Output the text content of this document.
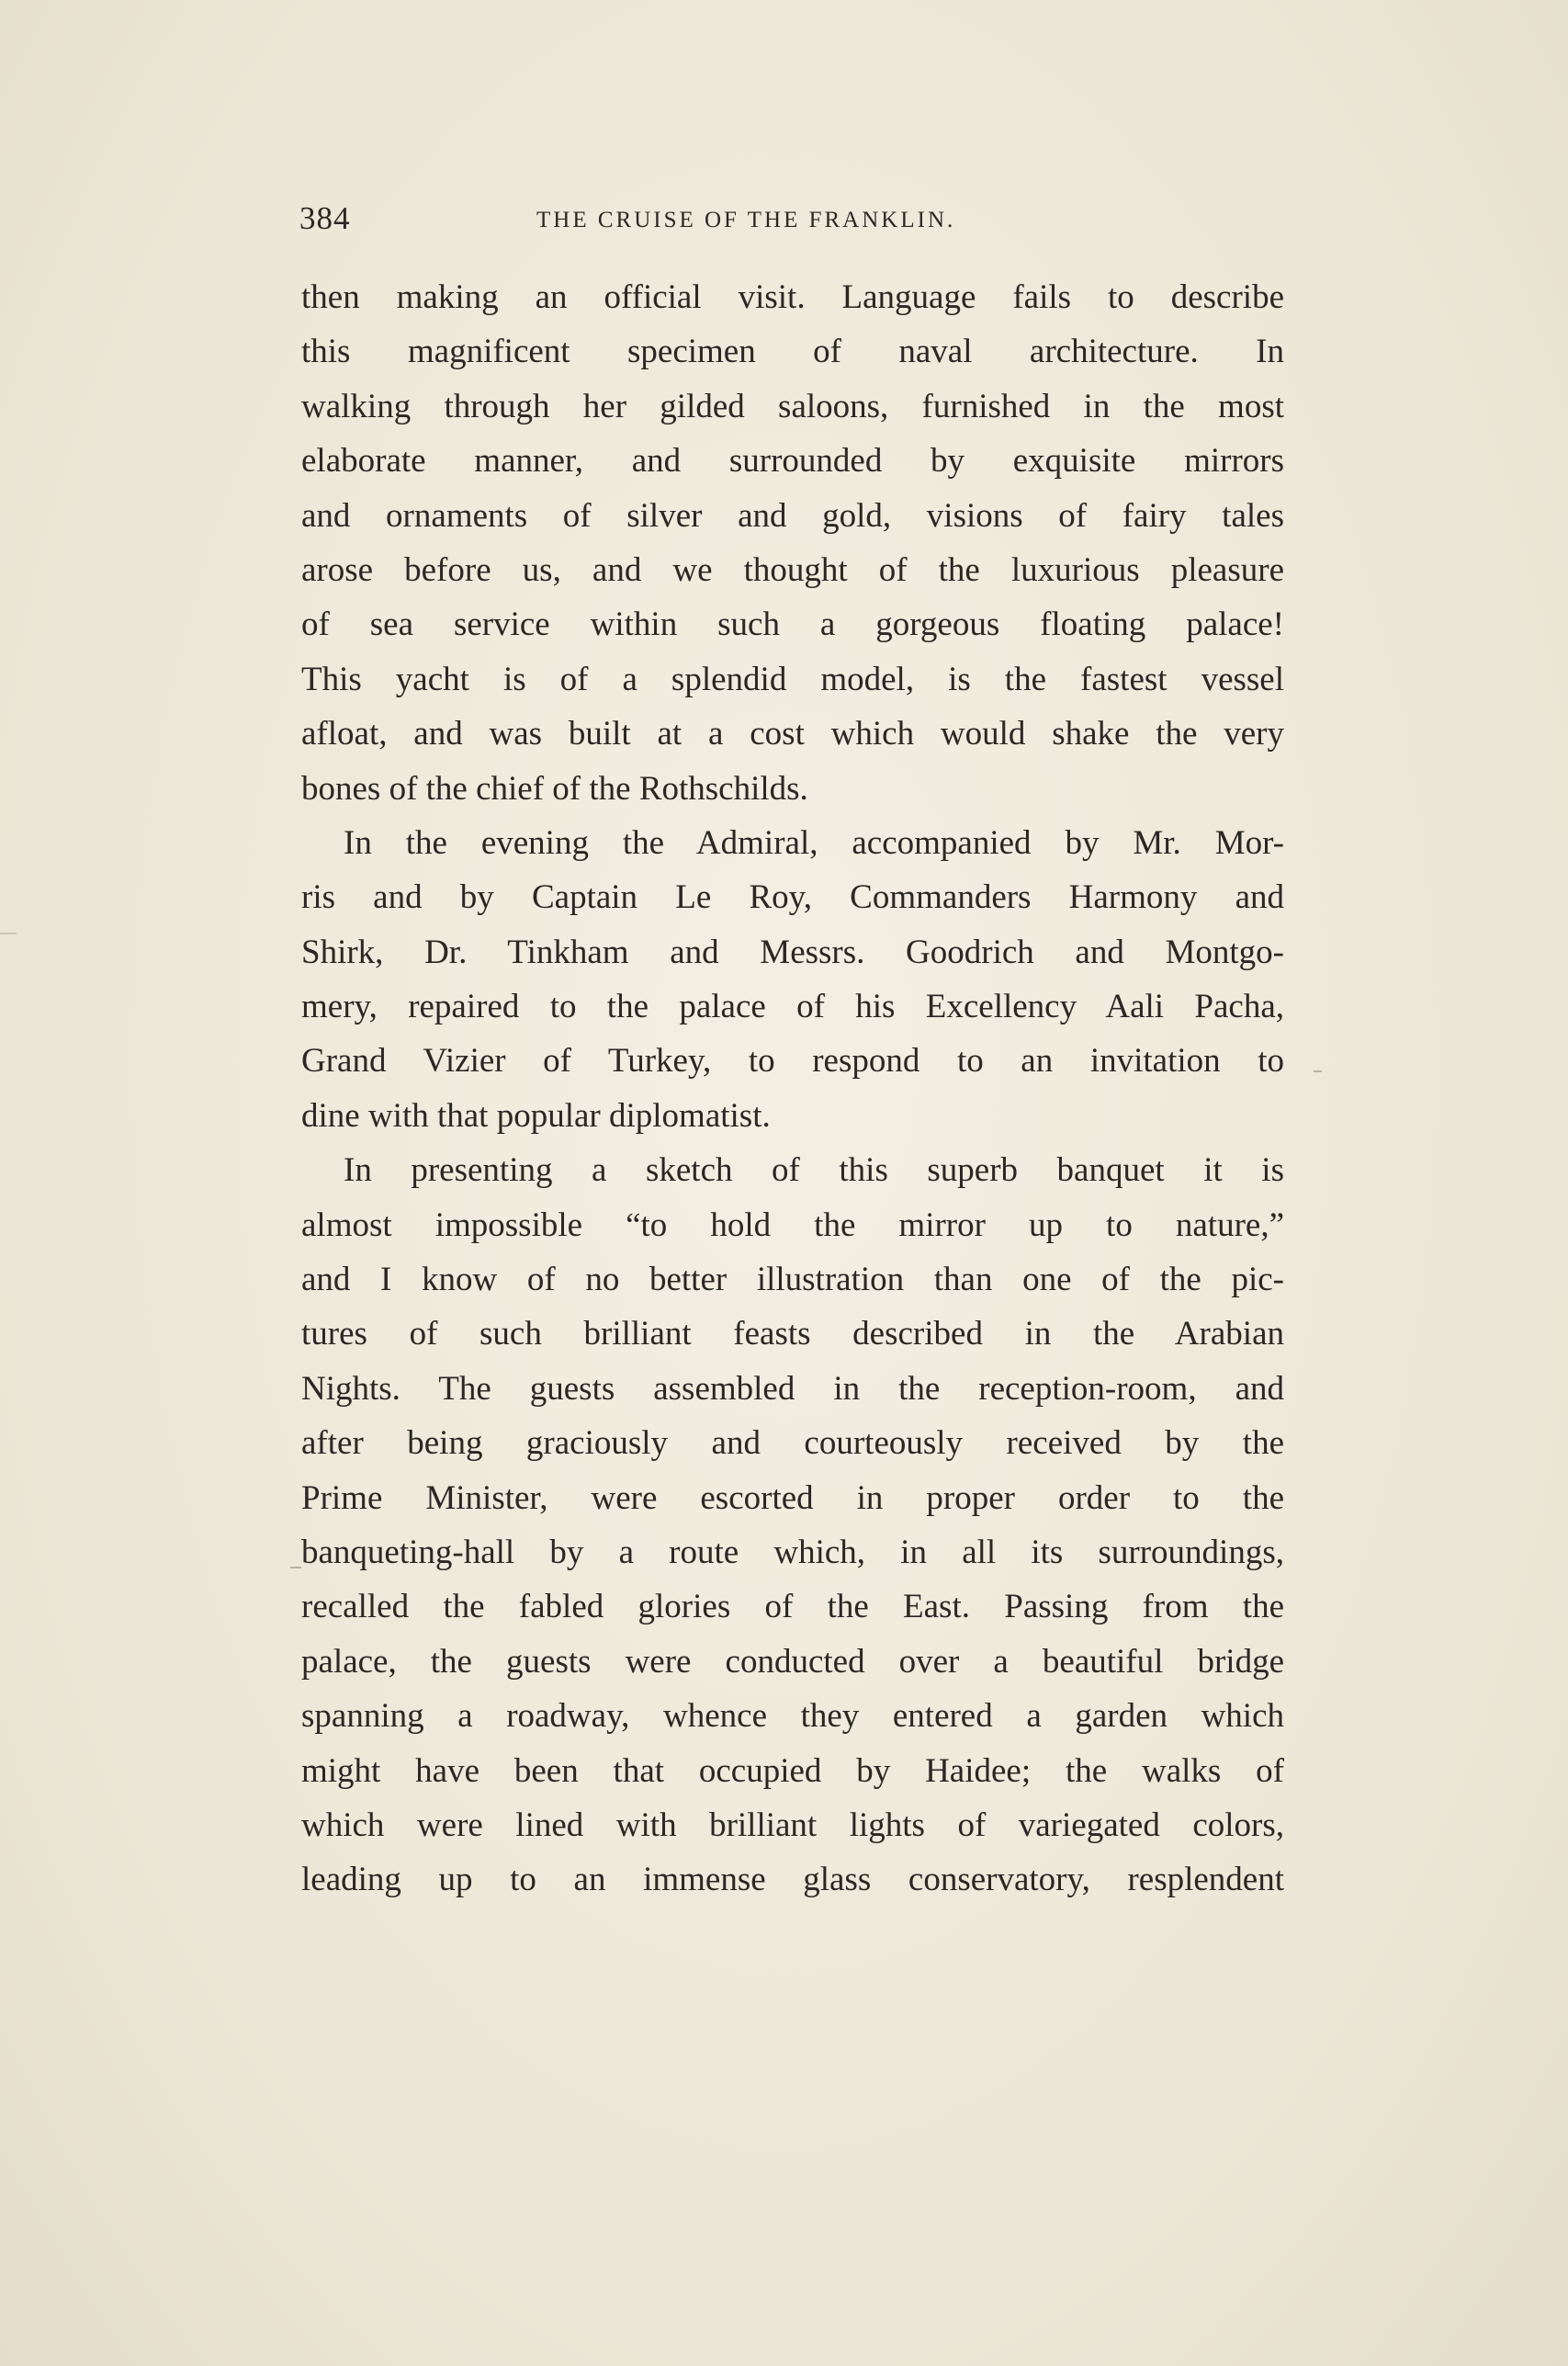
384	THE CRUISE OF THE FRANKLIN.
then making an official visit. Language fails to describe
this magnificent specimen of naval architecture. In
walking through her gilded saloons, furnished in the most
elaborate manner, and surrounded by exquisite mirrors
and ornaments of silver and gold, visions of fairy tales
arose before us, and we thought of the luxurious pleasure
of sea service within such a gorgeous floating palace!
This yacht is of a splendid model, is the fastest vessel
afloat, and was built at a cost which would shake the very
bones of the chief of the Rothschilds.
In the evening the Admiral, accompanied by Mr. Mor-
ris and by Captain Le Roy, Commanders Harmony and
Shirk, Dr. Tinkham and Messrs. Goodrich and Montgo-
mery, repaired to the palace of his Excellency Aali Pacha,
Grand Vizier of Turkey, to respond to an invitation to
dine with that popular diplomatist.
In presenting a sketch of this superb banquet it is
almost impossible “to hold the mirror up to nature,”
and I know of no better illustration than one of the pic-
tures of such brilliant feasts described in the Arabian
Nights. The guests assembled in the reception-room, and
after being graciously and courteously received by the
Prime Minister, were escorted in proper order to the
banqueting-hall by a route which, in all its surroundings,
recalled the fabled glories of the East. Passing from the
palace, the guests were conducted over a beautiful bridge
spanning a roadway, whence they entered a garden which
might have been that occupied by Haidee; the walks of
which were lined with brilliant lights of variegated colors,
leading up to an immense glass conservatory, resplendent
